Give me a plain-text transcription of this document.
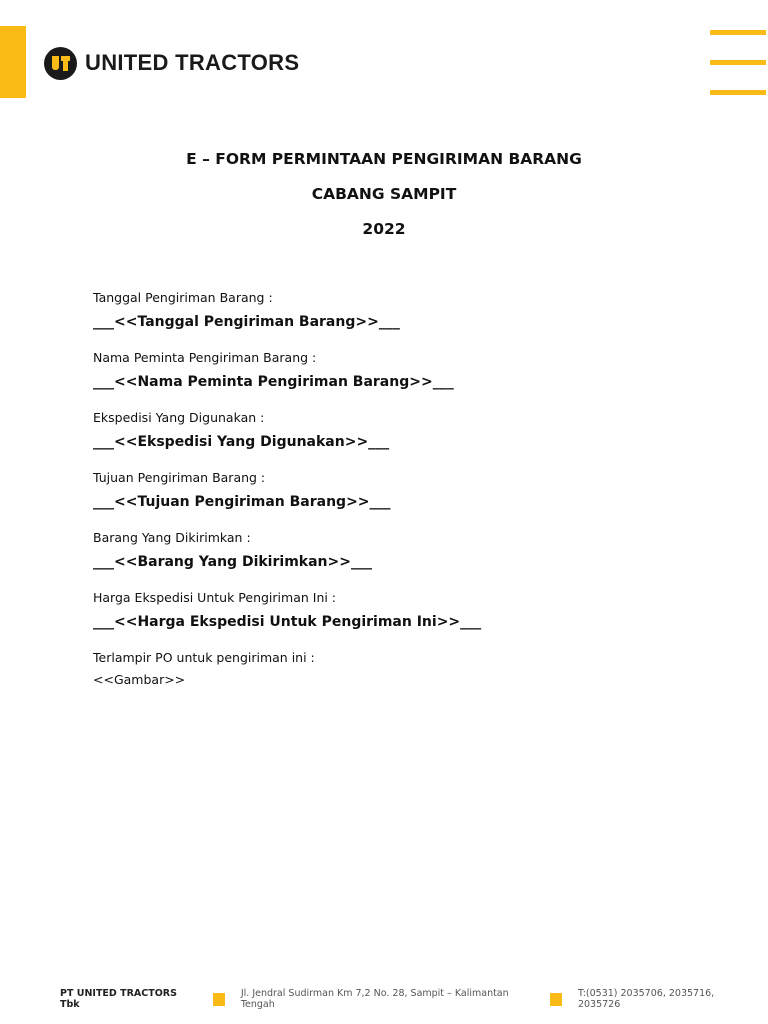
UNITED TRACTORS
E – FORM PERMINTAAN PENGIRIMAN BARANG
CABANG SAMPIT
2022
Tanggal Pengiriman Barang :
___<<Tanggal Pengiriman Barang>>___
Nama Peminta Pengiriman Barang :
___<<Nama Peminta Pengiriman Barang>>___
Ekspedisi Yang Digunakan :
___<<Ekspedisi Yang Digunakan>>___
Tujuan Pengiriman Barang :
___<<Tujuan Pengiriman Barang>>___
Barang Yang Dikirimkan :
___<<Barang Yang Dikirimkan>>___
Harga Ekspedisi Untuk Pengiriman Ini :
___<<Harga Ekspedisi Untuk Pengiriman Ini>>___
Terlampir PO untuk pengiriman ini :
<<Gambar>>
PT UNITED TRACTORS Tbk
Jl. Jendral Sudirman Km 7,2 No. 28, Sampit – Kalimantan Tengah
T:(0531) 2035706, 2035716, 2035726
